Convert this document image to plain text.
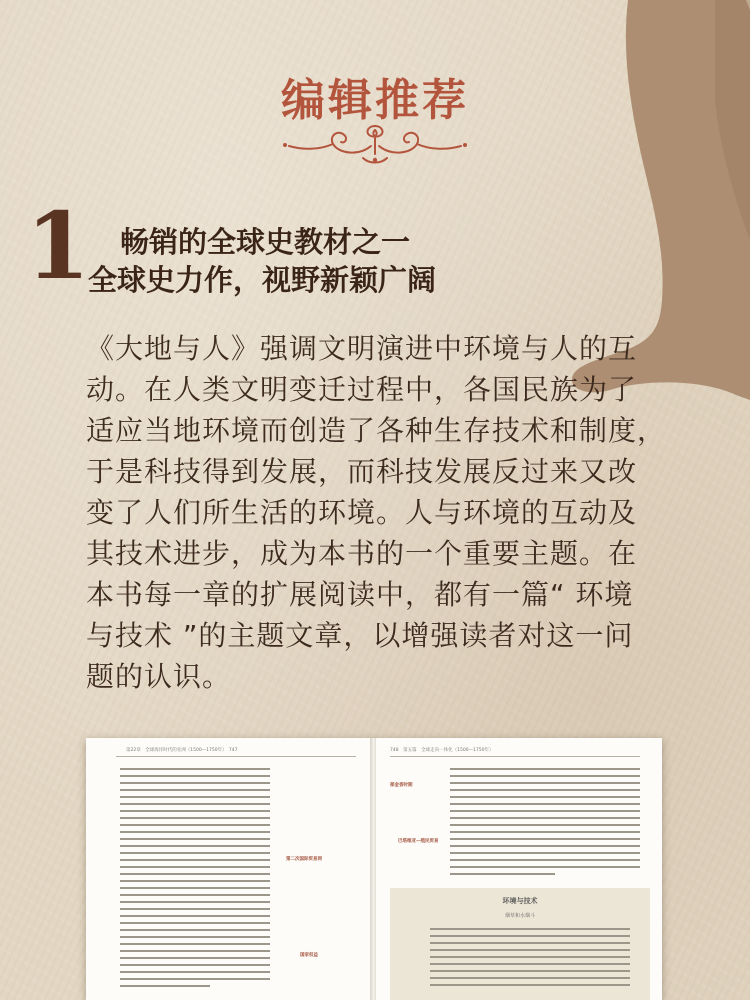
编辑推荐
1 畅销的全球史教材之一
全球史力作，视野新颖广阔
《大地与人》强调文明演进中环境与人的互
动。在人类文明变迁过程中，各国民族为了
适应当地环境而创造了各种生存技术和制度，
于是科技得到发展，而科技发展反过来又改
变了人们所生活的环境。人与环境的互动及
其技术进步，成为本书的一个重要主题。在
本书每一章的扩展阅读中，都有一篇“ 环境
与技术 ”的主题文章，以增强读者对这一问
题的认识。
第22章　全球海洋时代的亚洲（1500—1750年）　747
第二次国际贸易网
国家权益
748　第五篇　全球走向一体化（1500—1750年）
郁金香时期
巴塔维亚—殖民贸易
环境与技术
烟草和水烟斗
